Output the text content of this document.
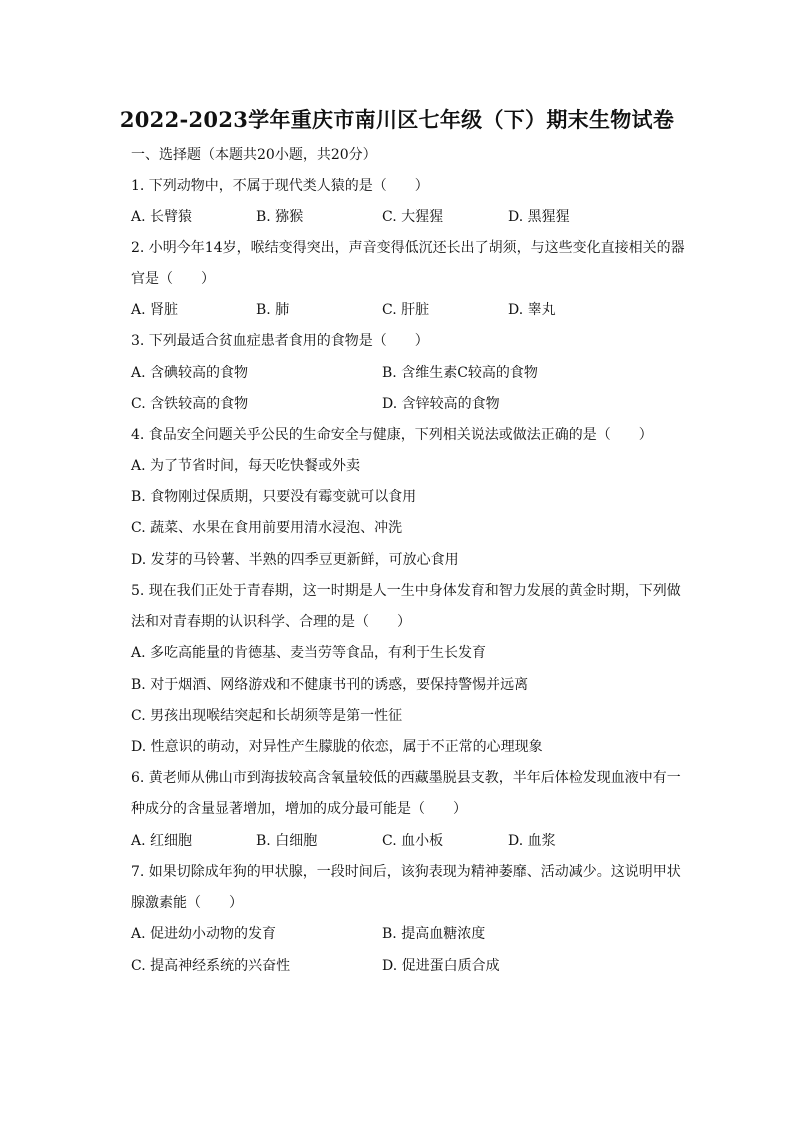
2022-2023学年重庆市南川区七年级（下）期末生物试卷
一、选择题（本题共20小题，共20分）
1. 下列动物中，不属于现代类人猿的是（　　）
A. 长臂猿	B. 猕猴	C. 大猩猩	D. 黑猩猩
2. 小明今年14岁，喉结变得突出，声音变得低沉还长出了胡须，与这些变化直接相关的器
官是（　　）
A. 肾脏	B. 肺	C. 肝脏	D. 睾丸
3. 下列最适合贫血症患者食用的食物是（　　）
A. 含碘较高的食物	B. 含维生素C较高的食物
C. 含铁较高的食物	D. 含锌较高的食物
4. 食品安全问题关乎公民的生命安全与健康，下列相关说法或做法正确的是（　　）
A. 为了节省时间，每天吃快餐或外卖
B. 食物刚过保质期，只要没有霉变就可以食用
C. 蔬菜、水果在食用前要用清水浸泡、冲洗
D. 发芽的马铃薯、半熟的四季豆更新鲜，可放心食用
5. 现在我们正处于青春期，这一时期是人一生中身体发育和智力发展的黄金时期，下列做
法和对青春期的认识科学、合理的是（　　）
A. 多吃高能量的肯德基、麦当劳等食品，有利于生长发育
B. 对于烟酒、网络游戏和不健康书刊的诱惑，要保持警惕并远离
C. 男孩出现喉结突起和长胡须等是第一性征
D. 性意识的萌动，对异性产生朦胧的依恋，属于不正常的心理现象
6. 黄老师从佛山市到海拔较高含氧量较低的西藏墨脱县支教，半年后体检发现血液中有一
种成分的含量显著增加，增加的成分最可能是（　　）
A. 红细胞	B. 白细胞	C. 血小板	D. 血浆
7. 如果切除成年狗的甲状腺，一段时间后，该狗表现为精神萎靡、活动减少。这说明甲状
腺激素能（　　）
A. 促进幼小动物的发育	B. 提高血糖浓度
C. 提高神经系统的兴奋性	D. 促进蛋白质合成
